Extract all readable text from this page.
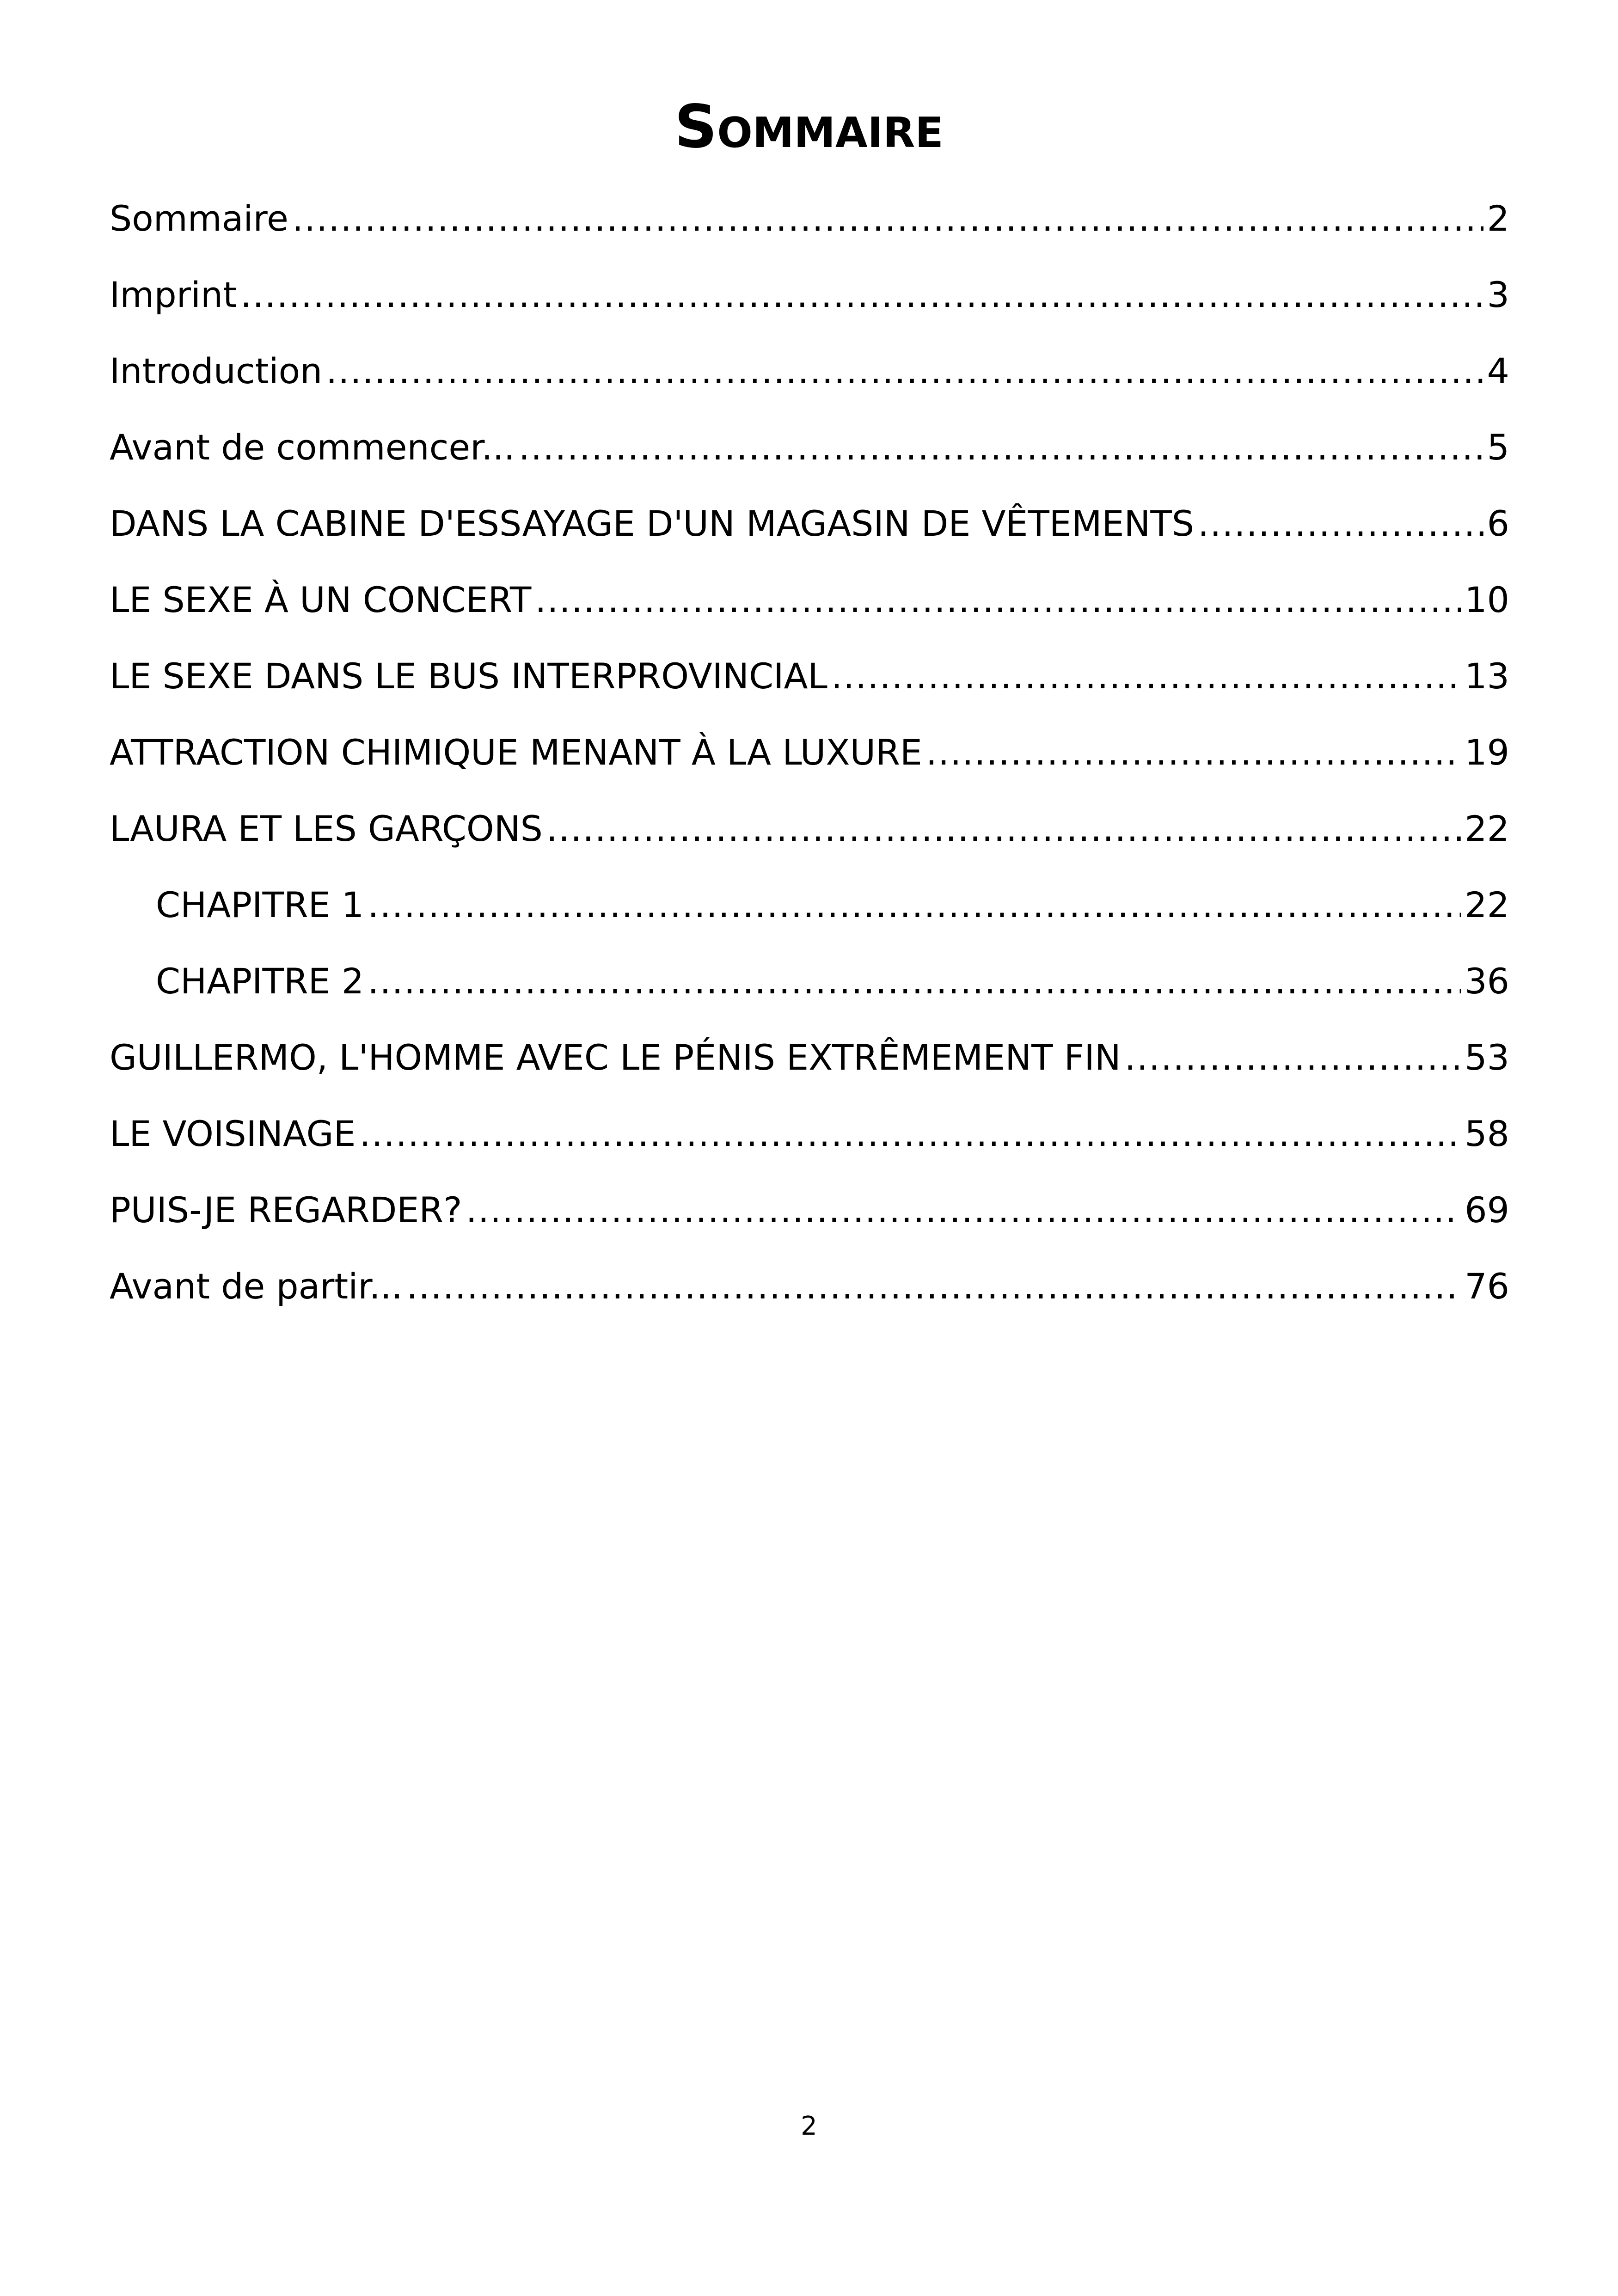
Sommaire
Sommaire .....	2
Imprint .....	3
Introduction .....	4
Avant de commencer... .....	5
DANS LA CABINE D'ESSAYAGE D'UN MAGASIN DE VÊTEMENTS .....	6
LE SEXE À UN CONCERT .....	10
LE SEXE DANS LE BUS INTERPROVINCIAL .....	13
ATTRACTION CHIMIQUE MENANT À LA LUXURE .....	19
LAURA ET LES GARÇONS .....	22
CHAPITRE 1 .....	22
CHAPITRE 2 .....	36
GUILLERMO, L'HOMME AVEC LE PÉNIS EXTRÊMEMENT FIN .....	53
LE VOISINAGE .....	58
PUIS-JE REGARDER? .....	69
Avant de partir... .....	76
2
